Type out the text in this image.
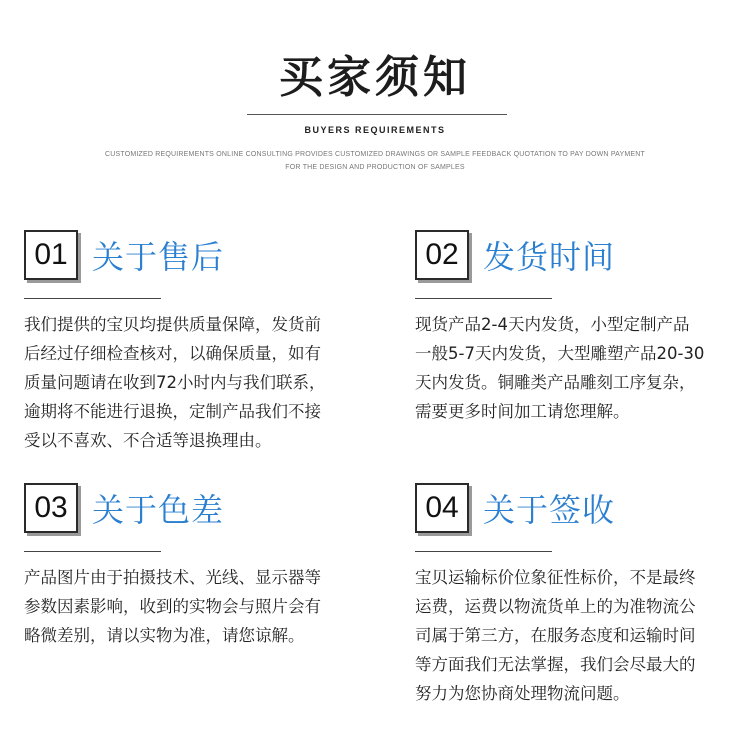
买家须知
BUYERS REQUIREMENTS
CUSTOMIZED REQUIREMENTS ONLINE CONSULTING PROVIDES CUSTOMIZED DRAWINGS OR SAMPLE FEEDBACK QUOTATION TO PAY DOWN PAYMENT
FOR THE DESIGN AND PRODUCTION OF SAMPLES
01 关于售后
我们提供的宝贝均提供质量保障，发货前
后经过仔细检查核对，以确保质量，如有
质量问题请在收到72小时内与我们联系，
逾期将不能进行退换，定制产品我们不接
受以不喜欢、不合适等退换理由。
02 发货时间
现货产品2-4天内发货，小型定制产品
一般5-7天内发货，大型雕塑产品20-30
天内发货。铜雕类产品雕刻工序复杂，
需要更多时间加工请您理解。
03 关于色差
产品图片由于拍摄技术、光线、显示器等
参数因素影响，收到的实物会与照片会有
略微差别，请以实物为准，请您谅解。
04 关于签收
宝贝运输标价位象征性标价，不是最终
运费，运费以物流货单上的为准物流公
司属于第三方，在服务态度和运输时间
等方面我们无法掌握，我们会尽最大的
努力为您协商处理物流问题。
